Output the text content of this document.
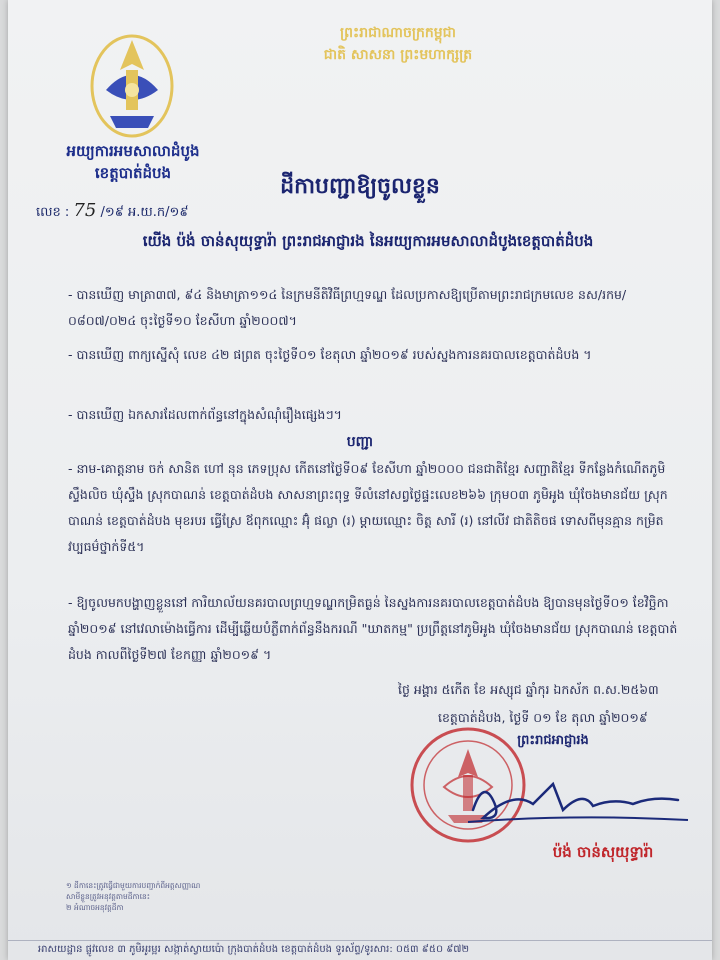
ព្រះរាជាណាចក្រកម្ពុជា
ជាតិ សាសនា ព្រះមហាក្សត្រ
អយ្យការអមសាលាដំបូង
ខេត្តបាត់ដំបង
ដីកាបញ្ជាឱ្យចូលខ្លួន
លេខ : 75 /១៩ អ.យ.ក/១៩
យើង ប៉ង់ ចាន់សុយុទ្ធារ៉ា ព្រះរាជអាជ្ញារង នៃអយ្យការអមសាលាដំបូងខេត្តបាត់ដំបង
- បានឃើញ មាត្រា៣៧, ៩៤ និងមាត្រា១១៤ នៃក្រមនីតិវិធីព្រហ្មទណ្ឌ ដែលប្រកាសឱ្យប្រើតាមព្រះរាជក្រមលេខ នស/រកម/០៨០៧/០២៤ ចុះថ្ងៃទី១០ ខែសីហា ឆ្នាំ២០០៧។
- បានឃើញ ពាក្យស្នើសុំ លេខ ៤២ ផព្រត ចុះថ្ងៃទី០១ ខែតុលា ឆ្នាំ២០១៩ របស់ស្នងការនគរបាលខេត្តបាត់ដំបង ។
- បានឃើញ ឯកសារដែលពាក់ព័ន្ធនៅក្នុងសំណុំរឿងផ្សេងៗ។
បញ្ជា
- នាម-គោត្តនាម ចក់ សានិត ហៅ នុន ភេទប្រុស កើតនៅថ្ងៃទី០៩ ខែសីហា ឆ្នាំ២០០០ ជនជាតិខ្មែរ សញ្ជាតិខ្មែរ ទីកន្លែងកំណើតភូមិស្ទឹងលិច ឃុំស្ទឹង ស្រុកបាណន់ ខេត្តបាត់ដំបង សាសនាព្រះពុទ្ធ ទីលំនៅសព្វថ្ងៃផ្ទះលេខ២៦៦ ក្រុម០៣ ភូមិអូង ឃុំចែងមានជ័យ ស្រុកបាណន់ ខេត្តបាត់ដំបង មុខរបរ ធ្វើស្រែ ឪពុកឈ្មោះ អ៊ុំ ផល្លា (រ) ម្តាយឈ្មោះ ចិត្ត សារី (រ) នៅលីវ ជាតិតិចផ ទោសពីមុនគ្មាន កម្រិតវប្បធម៌ថ្នាក់ទី៥។
- ឱ្យចូលមកបង្ហាញខ្លួននៅ ការិយាល័យនគរបាលព្រហ្មទណ្ឌកម្រិតធ្ងន់ នៃស្នងការនគរបាលខេត្តបាត់ដំបង ឱ្យបានមុនថ្ងៃទី០១ ខែវិច្ឆិកា ឆ្នាំ២០១៩ នៅវេលាម៉ោងធ្វើការ ដើម្បីឆ្លើយបំភ្លឺពាក់ព័ន្ធនឹងករណី "ឃាតកម្ម" ប្រព្រឹត្តនៅភូមិអូង ឃុំចែងមានជ័យ ស្រុកបាណន់ ខេត្តបាត់ដំបង កាលពីថ្ងៃទី២៧ ខែកញ្ញា ឆ្នាំ២០១៩ ។
ថ្ងៃ អង្គារ ៥កើត ខែ អស្សុជ ឆ្នាំកុរ ឯកស័ក ព.ស.២៥៦៣
ខេត្តបាត់ដំបង, ថ្ងៃទី ០១ ខែ តុលា ឆ្នាំ២០១៩
ព្រះរាជអាជ្ញារង
ប៉ង់ ចាន់សុយុទ្ធារ៉ា
១ ដីកានេះត្រូវធ្វើជាមួយការបញ្ជាក់ពីអត្តសញ្ញាណ
សាមីខ្លួនត្រូវអនុវត្តតាមដីកានេះ
២ អំណាចអនុវត្តដីកា
អាសយដ្ឋាន ផ្លូវលេខ ៣ ភូមិអូរម្អរ សង្កាត់ស្វាយប៉ោ ក្រុងបាត់ដំបង ខេត្តបាត់ដំបង ទូរស័ព្ទ/ទូរសារ: ០៥៣ ៩៥០ ៩៧២
